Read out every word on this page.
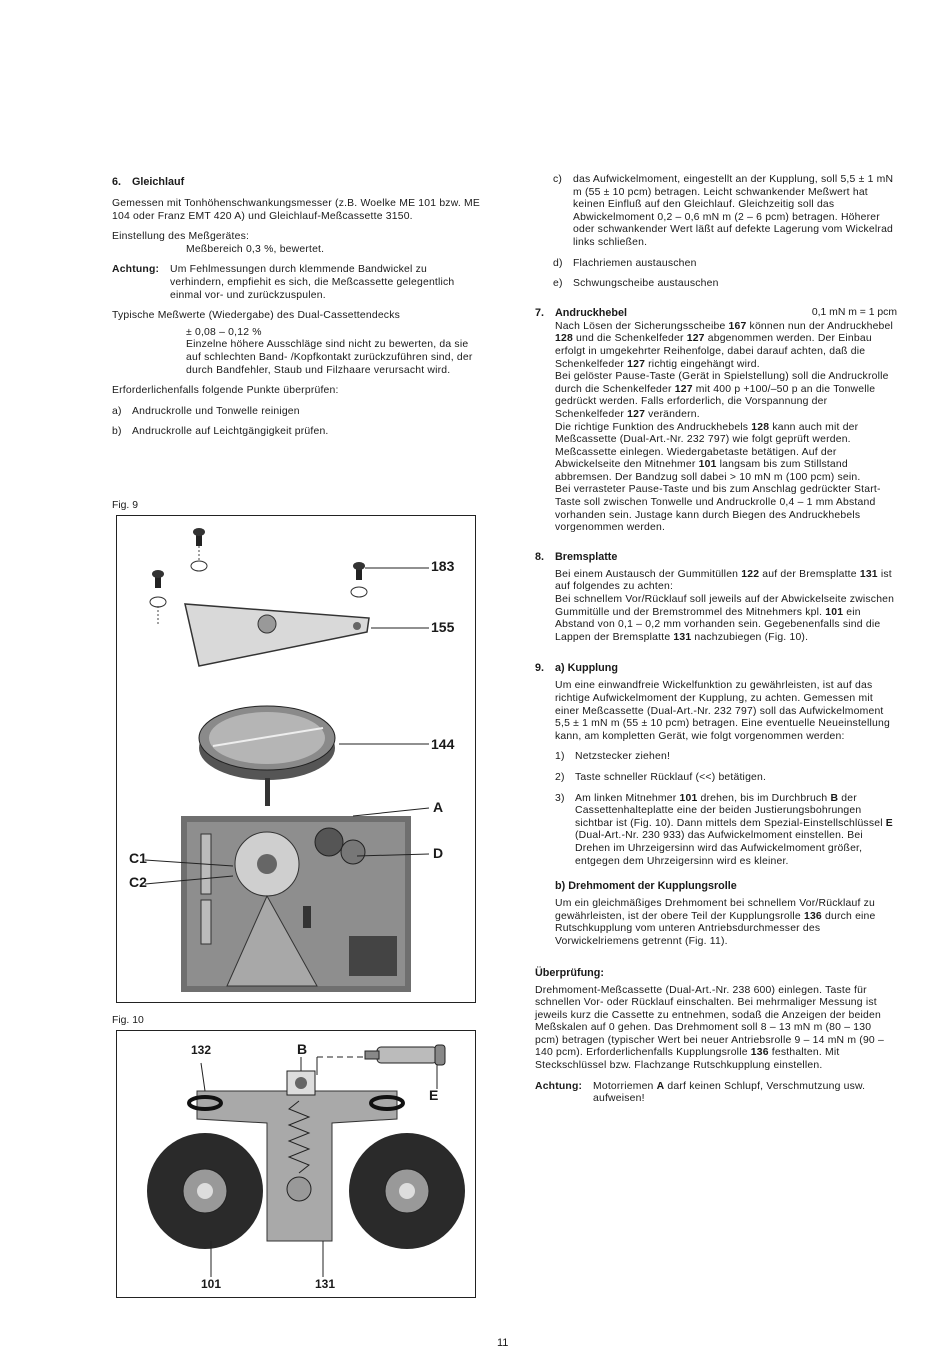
6.	Gleichlauf

Gemessen mit Tonhöhenschwankungsmesser (z.B. Woelke ME 101 bzw. ME 104 oder Franz EMT 420 A) und Gleichlauf-Meßcassette 3150.

Einstellung des Meßgerätes:

Meßbereich 0,3 %, bewertet.

Achtung:	Um Fehlmessungen durch klemmende Bandwickel zu verhindern, empfiehit es sich, die Meßcassette gelegentlich einmal vor- und zurückzuspulen.

Typische Meßwerte (Wiedergabe) des Dual-Cassettendecks

± 0,08 – 0,12 %

Einzelne höhere Ausschläge sind nicht zu bewerten, da sie auf schlechten Band- /Kopfkontakt zurückzuführen sind, der durch Bandfehler, Staub und Filzhaare verursacht wird.

Erforderlichenfalls folgende Punkte überprüfen:

a) Andruckrolle und Tonwelle reinigen
b) Andruckrolle auf Leichtgängigkeit prüfen.
Fig. 9
183
155
144
A
D
C1
C2
Fig. 10
132	B
E
101	131
c)	das Aufwickelmoment, eingestellt an der Kupplung, soll 5,5 ± 1 mN m (55 ± 10 pcm) betragen. Leicht schwankender Meßwert hat keinen Einfluß auf den Gleichlauf. Gleichzeitig soll das Abwickelmoment 0,2 – 0,6 mN m (2 – 6 pcm) betragen. Höherer oder schwankender Wert läßt auf defekte Lagerung vom Wickelrad links schließen.
d) Flachriemen austauschen
e) Schwungscheibe austauschen
7.	Andruckhebel	0,1 mN m = 1 pcm

Nach Lösen der Sicherungsscheibe 167 können nun der Andruckhebel 128 und die Schenkelfeder 127 abgenommen werden. Der Einbau erfolgt in umgekehrter Reihenfolge, dabei darauf achten, daß die Schenkelfeder 127 richtig eingehängt wird.

Bei gelöster Pause-Taste (Gerät in Spielstellung) soll die Andruckrolle durch die Schenkelfeder 127 mit 400 p +100/–50 p an die Tonwelle gedrückt werden. Falls erforderlich, die Vorspannung der Schenkelfeder 127 verändern.

Die richtige Funktion des Andruckhebels 128 kann auch mit der Meßcassette (Dual-Art.-Nr. 232 797) wie folgt geprüft werden.

Meßcassette einlegen. Wiedergabetaste betätigen. Auf der Abwickelseite den Mitnehmer 101 langsam bis zum Stillstand abbremsen. Der Bandzug soll dabei > 10 mN m (100 pcm) sein.

Bei verrasteter Pause-Taste und bis zum Anschlag gedrückter Start-Taste soll zwischen Tonwelle und Andruckrolle 0,4 – 1 mm Abstand vorhanden sein. Justage kann durch Biegen des Andruckhebels vorgenommen werden.

8.	Bremsplatte

Bei einem Austausch der Gummitüllen 122 auf der Bremsplatte 131 ist auf folgendes zu achten:

Bei schnellem Vor/Rücklauf soll jeweils auf der Abwickelseite zwischen Gummitülle und der Bremstrommel des Mitnehmers kpl. 101 ein Abstand von 0,1 – 0,2 mm vorhanden sein. Gegebenenfalls sind die Lappen der Bremsplatte 131 nachzubiegen (Fig. 10).

9.	a) Kupplung

Um eine einwandfreie Wickelfunktion zu gewährleisten, ist auf das richtige Aufwickelmoment der Kupplung, zu achten. Gemessen mit einer Meßcassette (Dual-Art.-Nr. 232 797) soll das Aufwickelmoment 5,5 ± 1 mN m (55 ± 10 pcm) betragen. Eine eventuelle Neueinstellung kann, am kompletten Gerät, wie folgt vorgenommen werden:

1) Netzstecker ziehen!
2) Taste schneller Rücklauf (<<) betätigen.
3) Am linken Mitnehmer 101 drehen, bis im Durchbruch B der Cassettenhalteplatte eine der beiden Justierungsbohrungen sichtbar ist (Fig. 10). Dann mittels dem Spezial-Einstellschlüssel E (Dual-Art.-Nr. 230 933) das Aufwickelmoment einstellen. Bei Drehen im Uhrzeigersinn wird das Aufwickelmoment größer, entgegen dem Uhrzeigersinn wird es kleiner.

b) Drehmoment der Kupplungsrolle

Um ein gleichmäßiges Drehmoment bei schnellem Vor/Rücklauf zu gewährleisten, ist der obere Teil der Kupplungsrolle 136 durch eine Rutschkupplung vom unteren Antriebsdurchmesser des Vorwickelriemens getrennt (Fig. 11).

Überprüfung:

Drehmoment-Meßcassette (Dual-Art.-Nr. 238 600) einlegen. Taste für schnellen Vor- oder Rücklauf einschalten. Bei mehrmaliger Messung ist jeweils kurz die Cassette zu entnehmen, sodaß die Anzeigen der beiden Meßskalen auf 0 gehen. Das Drehmoment soll 8 – 13 mN m (80 – 130 pcm) betragen (typischer Wert bei neuer Antriebsrolle 9 – 14 mN m (90 – 140 pcm). Erforderlichenfalls Kupplungsrolle 136 festhalten. Mit Steckschlüssel bzw. Flachzange Rutschkupplung einstellen.

Achtung:	Motorriemen A darf keinen Schlupf, Verschmutzung usw. aufweisen!
11
